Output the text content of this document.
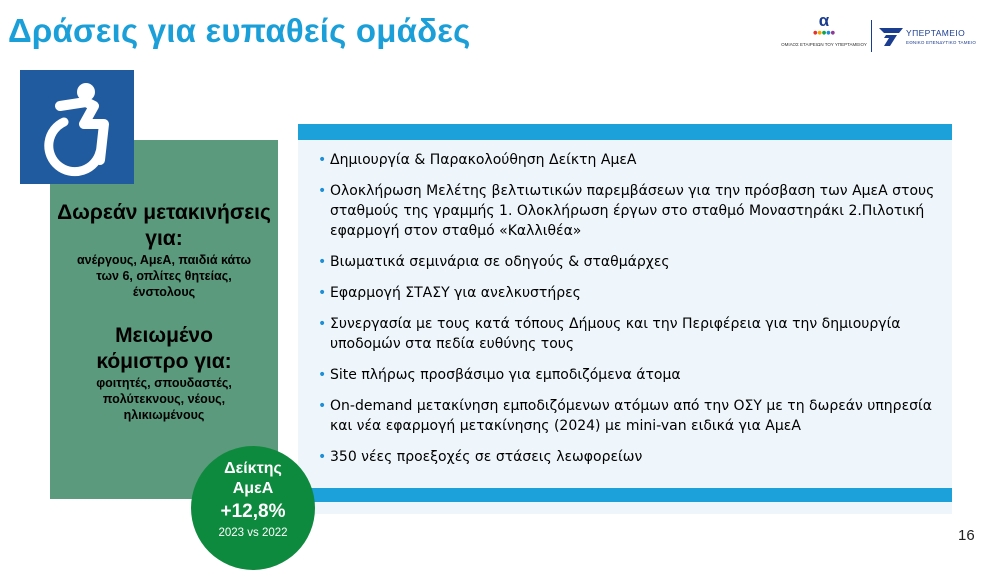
Δράσεις για ευπαθείς ομάδες	α
●●●●●
ΟΜΙΛΟΣ ΕΤΑΙΡΕΙΩΝ ΤΟΥ ΥΠΕΡΤΑΜΕΙΟΥ
ΥΠΕΡΤΑΜΕΙΟ
ΕΘΝΙΚΟ ΕΠΕΝΔΥΤΙΚΟ ΤΑΜΕΙΟ
Δωρεάν μετακινήσεις για:
ανέργους, ΑμεΑ, παιδιά κάτω των 6, οπλίτες θητείας, ένστολους
Μειωμένο κόμιστρο για:
φοιτητές, σπουδαστές, πολύτεκνους, νέους, ηλικιωμένους
• Δημιουργία & Παρακολούθηση Δείκτη ΑμεΑ
• Ολοκλήρωση Μελέτης βελτιωτικών παρεμβάσεων για την πρόσβαση των ΑμεΑ στους σταθμούς της γραμμής 1. Ολοκλήρωση έργων στο σταθμό Μοναστηράκι 2.Πιλοτική εφαρμογή στον σταθμό «Καλλιθέα»
• Βιωματικά σεμινάρια σε οδηγούς & σταθμάρχες
• Εφαρμογή ΣΤΑΣΥ για ανελκυστήρες
• Συνεργασία με τους κατά τόπους Δήμους και την Περιφέρεια για την δημιουργία υποδομών στα πεδία ευθύνης τους
• Site πλήρως προσβάσιμο για εμποδιζόμενα άτομα
• On-demand μετακίνηση εμποδιζόμενων ατόμων από την ΟΣΥ με τη δωρεάν υπηρεσία και νέα εφαρμογή μετακίνησης (2024) με mini-van ειδικά για ΑμεΑ
• 350 νέες προεξοχές σε στάσεις λεωφορείων
Δείκτης
ΑμεΑ
+12,8%
2023 vs 2022	16
